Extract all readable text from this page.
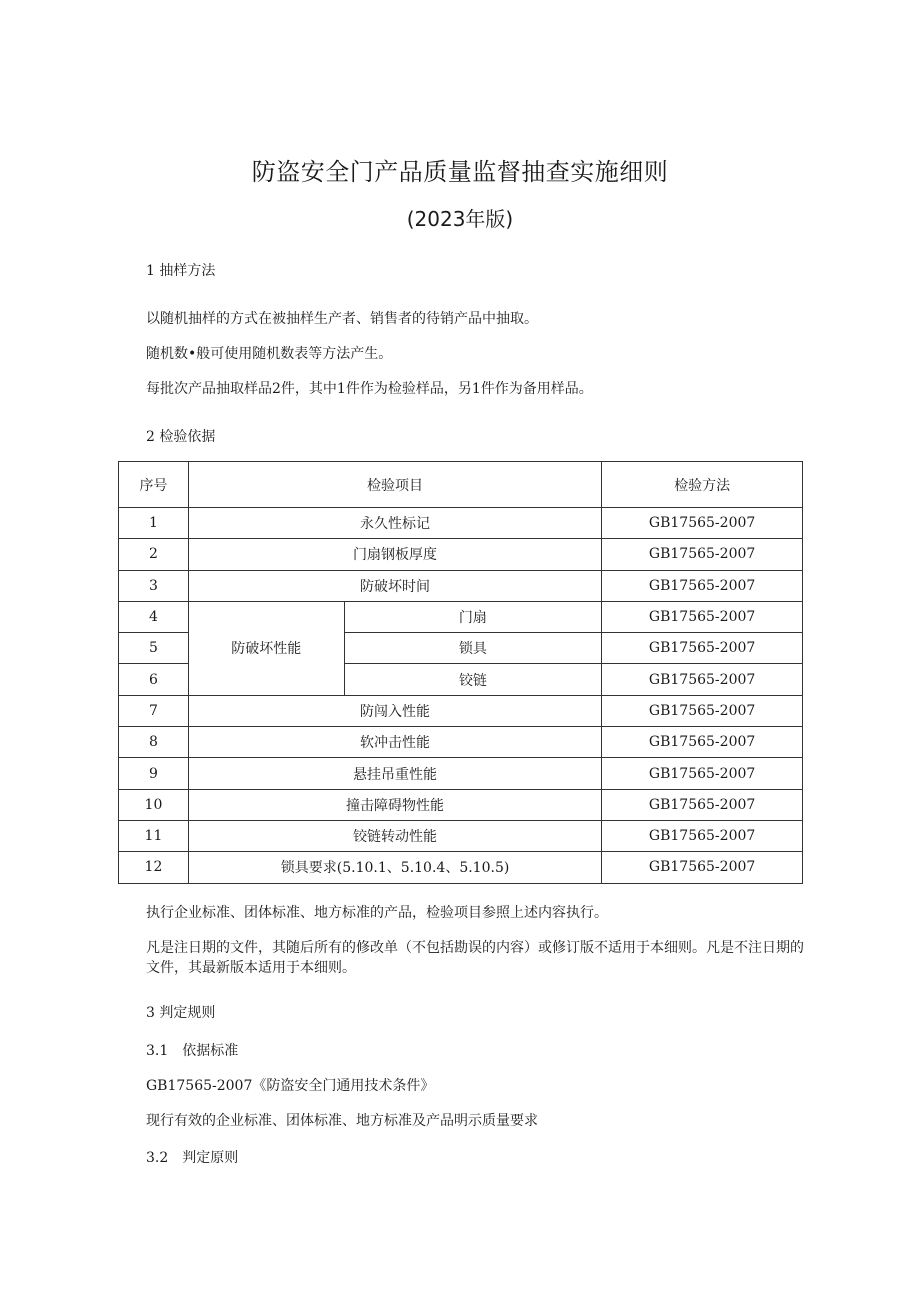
防盗安全门产品质量监督抽查实施细则
(2023年版)
1 抽样方法
以随机抽样的方式在被抽样生产者、销售者的待销产品中抽取。
随机数•般可使用随机数表等方法产生。
每批次产品抽取样品2件，其中1件作为检验样品，另1件作为备用样品。
2 检验依据
序号	检验项目		检验方法
1	永久性标记		GB17565-2007
2	门扇钢板厚度		GB17565-2007
3	防破坏时间		GB17565-2007
4	防破坏性能	门扇	GB17565-2007
5		锁具	GB17565-2007
6		铰链	GB17565-2007
7	防闯入性能		GB17565-2007
8	软冲击性能		GB17565-2007
9	悬挂吊重性能		GB17565-2007
10	撞击障碍物性能		GB17565-2007
11	铰链转动性能		GB17565-2007
12	锁具要求(5.10.1、5.10.4、5.10.5)		GB17565-2007
执行企业标准、团体标准、地方标准的产品，检验项目参照上述内容执行。
凡是注日期的文件，其随后所有的修改单（不包括勘误的内容）或修订版不适用于本细则。凡是不注日期的文件，其最新版本适用于本细则。
3 判定规则
3.1　依据标准
GB17565-2007《防盗安全门通用技术条件》
现行有效的企业标准、团体标准、地方标准及产品明示质量要求
3.2　判定原则
